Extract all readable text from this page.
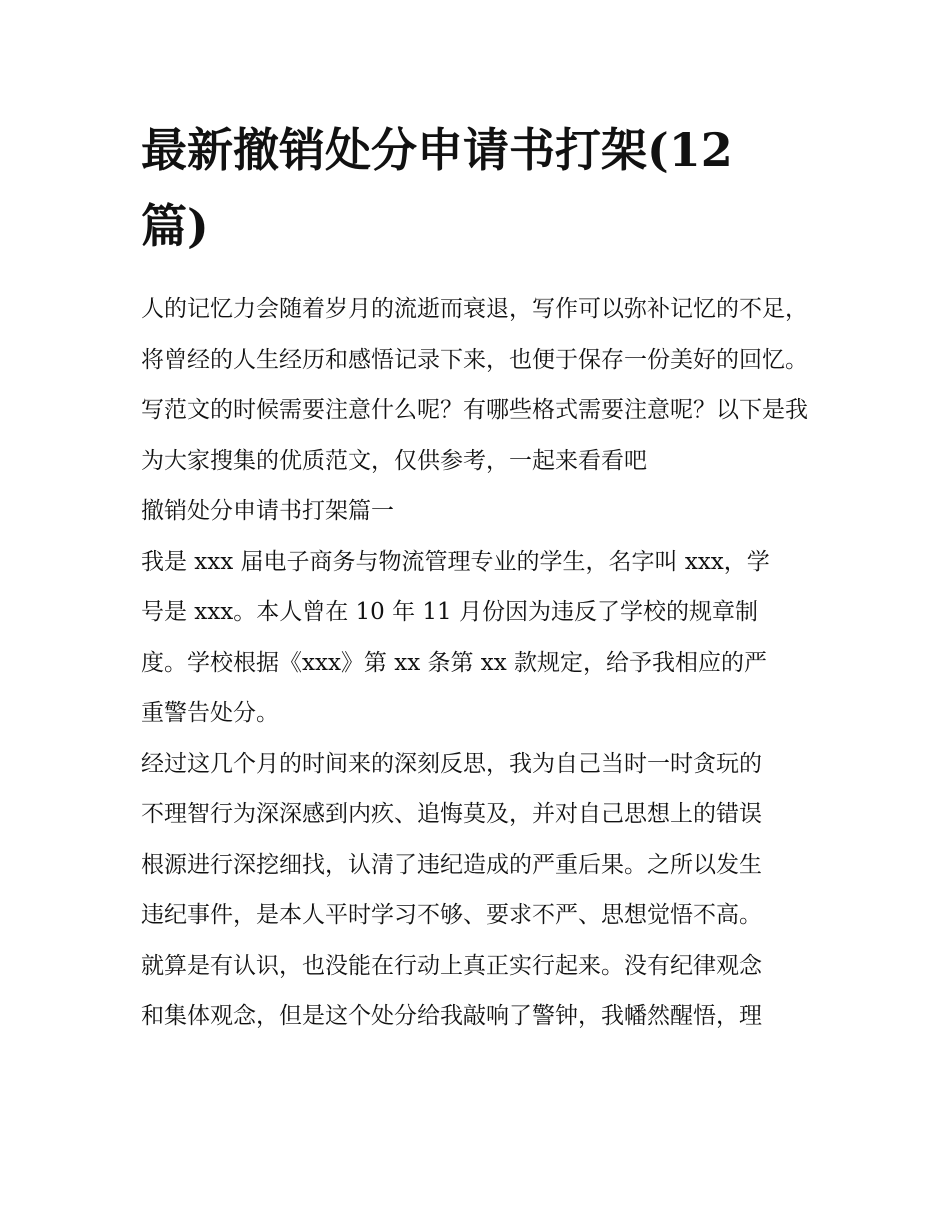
最新撤销处分申请书打架(12
篇)

人的记忆力会随着岁月的流逝而衰退，写作可以弥补记忆的不足，将曾经的人生经历和感悟记录下来，也便于保存一份美好的回忆。写范文的时候需要注意什么呢？有哪些格式需要注意呢？以下是我为大家搜集的优质范文，仅供参考，一起来看看吧

撤销处分申请书打架篇一

我是 xxx 届电子商务与物流管理专业的学生，名字叫 xxx，学
号是 xxx。本人曾在 10 年 11 月份因为违反了学校的规章制
度。学校根据《xxx》第 xx 条第 xx 款规定，给予我相应的严
重警告处分。

经过这几个月的时间来的深刻反思，我为自己当时一时贪玩的
不理智行为深深感到内疚、追悔莫及，并对自己思想上的错误
根源进行深挖细找，认清了违纪造成的严重后果。之所以发生
违纪事件，是本人平时学习不够、要求不严、思想觉悟不高。
就算是有认识，也没能在行动上真正实行起来。没有纪律观念
和集体观念，但是这个处分给我敲响了警钟，我幡然醒悟，理
